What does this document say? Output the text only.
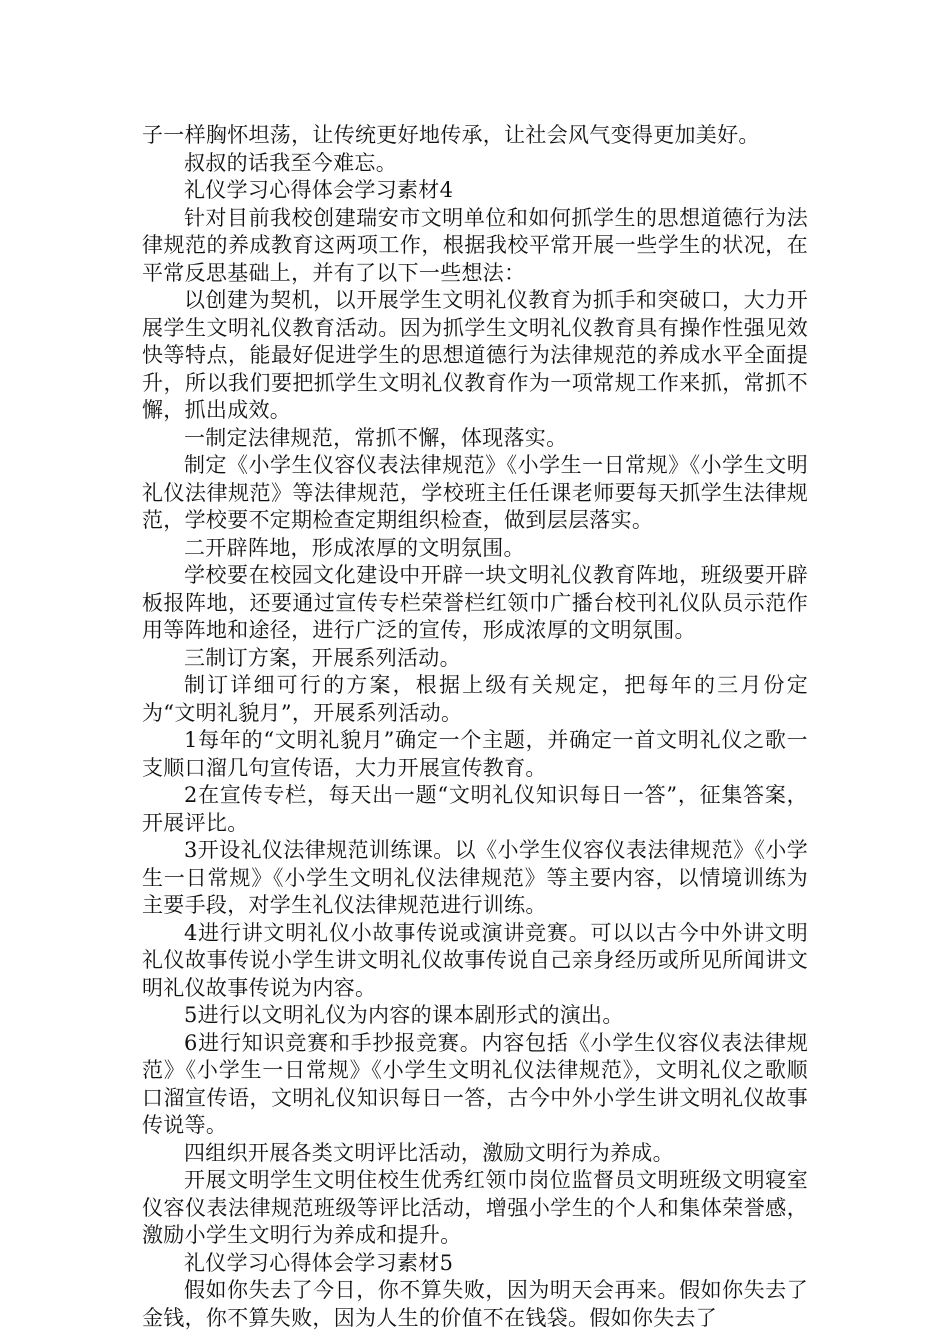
子一样胸怀坦荡，让传统更好地传承，让社会风气变得更加美好。

叔叔的话我至今难忘。

礼仪学习心得体会学习素材4

针对目前我校创建瑞安市文明单位和如何抓学生的思想道德行为法律规范的养成教育这两项工作，根据我校平常开展一些学生的状况，在平常反思基础上，并有了以下一些想法：

以创建为契机，以开展学生文明礼仪教育为抓手和突破口，大力开展学生文明礼仪教育活动。因为抓学生文明礼仪教育具有操作性强见效快等特点，能最好促进学生的思想道德行为法律规范的养成水平全面提升，所以我们要把抓学生文明礼仪教育作为一项常规工作来抓，常抓不懈，抓出成效。

一制定法律规范，常抓不懈，体现落实。

制定《小学生仪容仪表法律规范》《小学生一日常规》《小学生文明礼仪法律规范》等法律规范，学校班主任任课老师要每天抓学生法律规范，学校要不定期检查定期组织检查，做到层层落实。

二开辟阵地，形成浓厚的文明氛围。

学校要在校园文化建设中开辟一块文明礼仪教育阵地，班级要开辟板报阵地，还要通过宣传专栏荣誉栏红领巾广播台校刊礼仪队员示范作用等阵地和途径，进行广泛的宣传，形成浓厚的文明氛围。

三制订方案，开展系列活动。

制订详细可行的方案，根据上级有关规定，把每年的三月份定为“文明礼貌月”，开展系列活动。

1每年的“文明礼貌月”确定一个主题，并确定一首文明礼仪之歌一支顺口溜几句宣传语，大力开展宣传教育。

2在宣传专栏，每天出一题“文明礼仪知识每日一答”，征集答案，开展评比。

3开设礼仪法律规范训练课。以《小学生仪容仪表法律规范》《小学生一日常规》《小学生文明礼仪法律规范》等主要内容，以情境训练为主要手段，对学生礼仪法律规范进行训练。

4进行讲文明礼仪小故事传说或演讲竞赛。可以以古今中外讲文明礼仪故事传说小学生讲文明礼仪故事传说自己亲身经历或所见所闻讲文明礼仪故事传说为内容。

5进行以文明礼仪为内容的课本剧形式的演出。

6进行知识竞赛和手抄报竞赛。内容包括《小学生仪容仪表法律规范》《小学生一日常规》《小学生文明礼仪法律规范》，文明礼仪之歌顺口溜宣传语，文明礼仪知识每日一答，古今中外小学生讲文明礼仪故事传说等。

四组织开展各类文明评比活动，激励文明行为养成。

开展文明学生文明住校生优秀红领巾岗位监督员文明班级文明寝室仪容仪表法律规范班级等评比活动，增强小学生的个人和集体荣誉感，激励小学生文明行为养成和提升。

礼仪学习心得体会学习素材5

假如你失去了今日，你不算失败，因为明天会再来。假如你失去了金钱，你不算失败，因为人生的价值不在钱袋。假如你失去了
